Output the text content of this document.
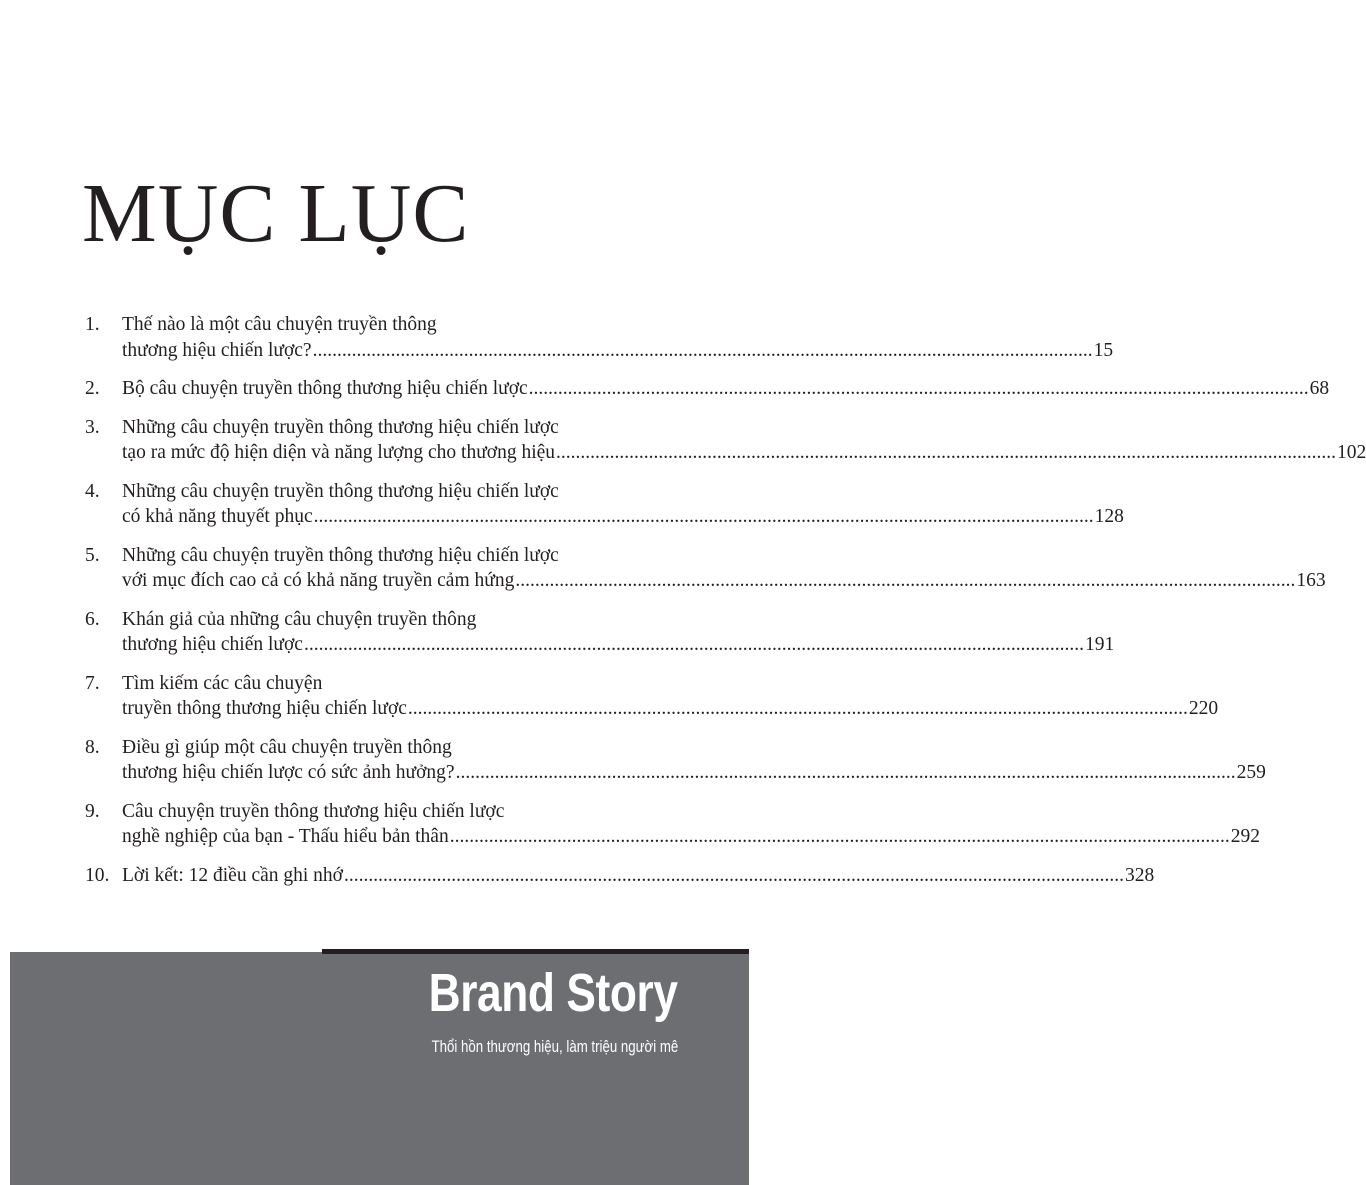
MỤC LỤC
1. Thế nào là một câu chuyện truyền thông
thương hiệu chiến lược? ................................................................................................................................................................ 15
2. Bộ câu chuyện truyền thông thương hiệu chiến lược ................................................................................................................................................................ 68
3. Những câu chuyện truyền thông thương hiệu chiến lược
tạo ra mức độ hiện diện và năng lượng cho thương hiệu ................................................................................................................................................................ 102
4. Những câu chuyện truyền thông thương hiệu chiến lược
có khả năng thuyết phục ................................................................................................................................................................ 128
5. Những câu chuyện truyền thông thương hiệu chiến lược
với mục đích cao cả có khả năng truyền cảm hứng ................................................................................................................................................................ 163
6. Khán giả của những câu chuyện truyền thông
thương hiệu chiến lược ................................................................................................................................................................ 191
7. Tìm kiếm các câu chuyện
truyền thông thương hiệu chiến lược ................................................................................................................................................................ 220
8. Điều gì giúp một câu chuyện truyền thông
thương hiệu chiến lược có sức ảnh hưởng? ................................................................................................................................................................ 259
9. Câu chuyện truyền thông thương hiệu chiến lược
nghề nghiệp của bạn - Thấu hiểu bản thân ................................................................................................................................................................ 292
10. Lời kết: 12 điều cần ghi nhớ ................................................................................................................................................................ 328
Brand Story
Thổi hồn thương hiệu, làm triệu người mê
